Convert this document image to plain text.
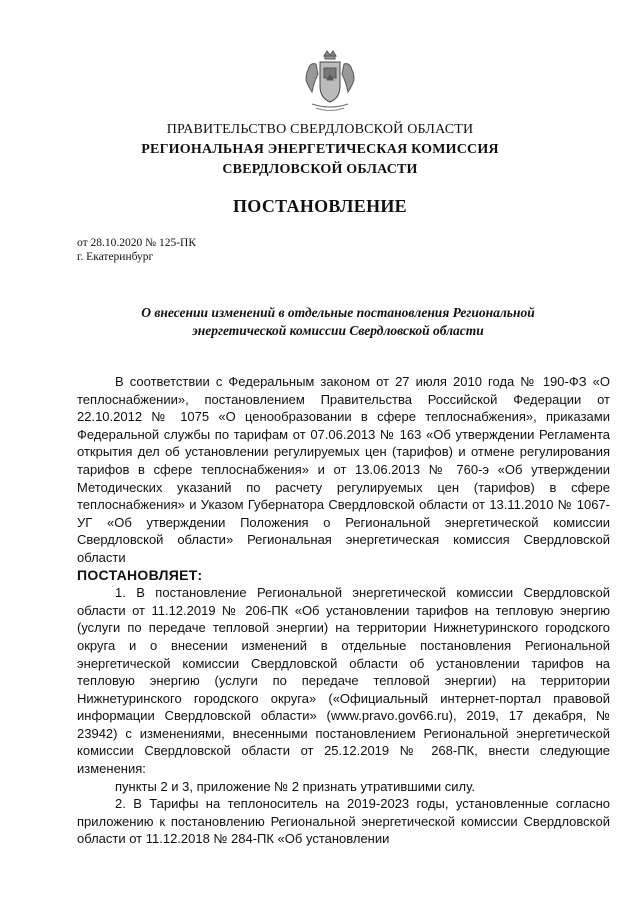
ПРАВИТЕЛЬСТВО СВЕРДЛОВСКОЙ ОБЛАСТИ
РЕГИОНАЛЬНАЯ ЭНЕРГЕТИЧЕСКАЯ КОМИССИЯ
СВЕРДЛОВСКОЙ ОБЛАСТИ
ПОСТАНОВЛЕНИЕ
от 28.10.2020 № 125-ПК
г. Екатеринбург
О внесении изменений в отдельные постановления Региональной энергетической комиссии Свердловской области

В соответствии с Федеральным законом от 27 июля 2010 года № 190-ФЗ «О теплоснабжении», постановлением Правительства Российской Федерации от 22.10.2012 № 1075 «О ценообразовании в сфере теплоснабжения», приказами Федеральной службы по тарифам от 07.06.2013 № 163 «Об утверждении Регламента открытия дел об установлении регулируемых цен (тарифов) и отмене регулирования тарифов в сфере теплоснабжения» и от 13.06.2013 № 760-э «Об утверждении Методических указаний по расчету регулируемых цен (тарифов) в сфере теплоснабжения» и Указом Губернатора Свердловской области от 13.11.2010 № 1067-УГ «Об утверждении Положения о Региональной энергетической комиссии Свердловской области» Региональная энергетическая комиссия Свердловской области

ПОСТАНОВЛЯЕТ:

1. В постановление Региональной энергетической комиссии Свердловской области от 11.12.2019 № 206-ПК «Об установлении тарифов на тепловую энергию (услуги по передаче тепловой энергии) на территории Нижнетуринского городского округа и о внесении изменений в отдельные постановления Региональной энергетической комиссии Свердловской области об установлении тарифов на тепловую энергию (услуги по передаче тепловой энергии) на территории Нижнетуринского городского округа» («Официальный интернет-портал правовой информации Свердловской области» (www.pravo.gov66.ru), 2019, 17 декабря, № 23942) с изменениями, внесенными постановлением Региональной энергетической комиссии Свердловской области от 25.12.2019 № 268-ПК, внести следующие изменения:

пункты 2 и 3, приложение № 2 признать утратившими силу.

2. В Тарифы на теплоноситель на 2019-2023 годы, установленные согласно приложению к постановлению Региональной энергетической комиссии Свердловской области от 11.12.2018 № 284-ПК «Об установлении
